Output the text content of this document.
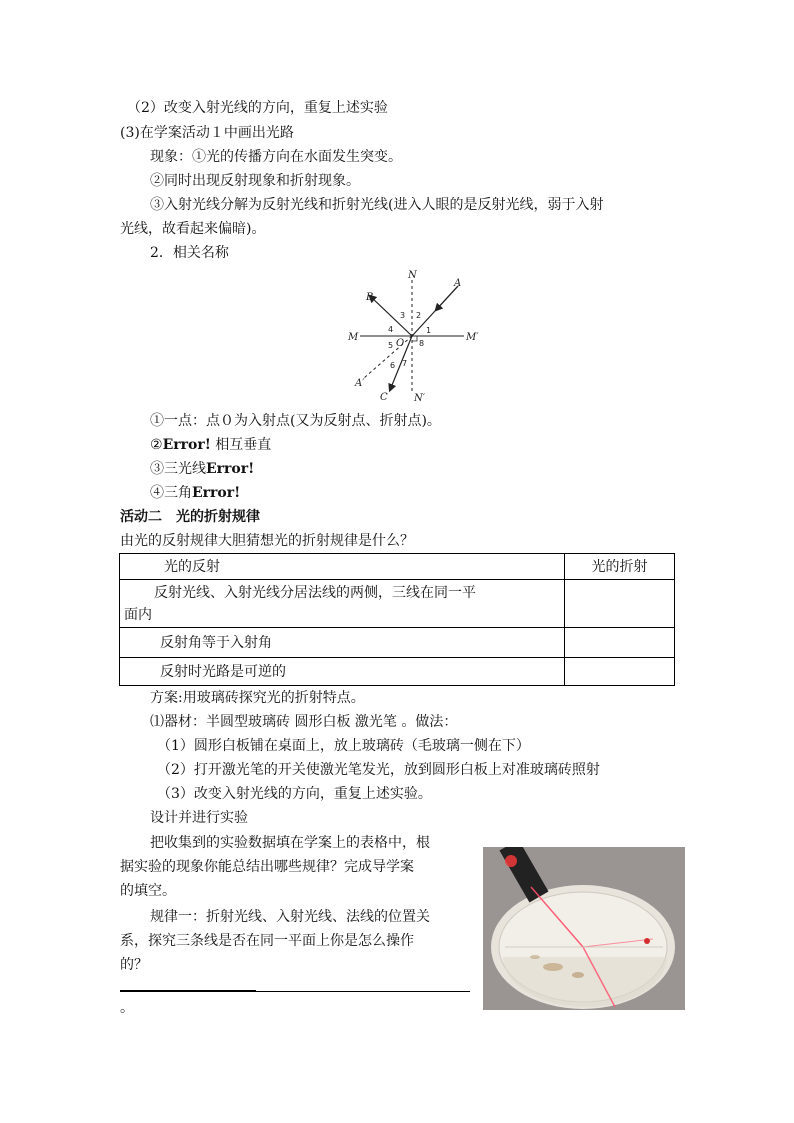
（2）改变入射光线的方向，重复上述实验
(3)在学案活动１中画出光路
现象：①光的传播方向在水面发生突变。
②同时出现反射现象和折射现象。
③入射光线分解为反射光线和折射光线(进入人眼的是反射光线，弱于入射
光线，故看起来偏暗)。
2．相关名称
N
N′
M	M′
A
B
C
A′
O
1
2
3
4
5
6 7
8
①一点：点０为入射点(又为反射点、折射点)。
②Error! 相互垂直
③三光线Error!
④三角Error!
活动二　光的折射规律
由光的反射规律大胆猜想光的折射规律是什么？
光的反射	光的折射

反射光线、入射光线分居法线的两侧，三线在同一平
面内	

反射角等于入射角	
反射时光路是可逆的	
方案:用玻璃砖探究光的折射特点。
⑴器材：半圆型玻璃砖 圆形白板 激光笔 。做法：
（1）圆形白板铺在桌面上，放上玻璃砖（毛玻璃一侧在下）
（2）打开激光笔的开关使激光笔发光，放到圆形白板上对准玻璃砖照射
（3）改变入射光线的方向，重复上述实验。
设计并进行实验
把收集到的实验数据填在学案上的表格中，根
据实验的现象你能总结出哪些规律？完成导学案
的填空。
规律一：折射光线、入射光线、法线的位置关
系，探究三条线是否在同一平面上你是怎么操作
的？
。
